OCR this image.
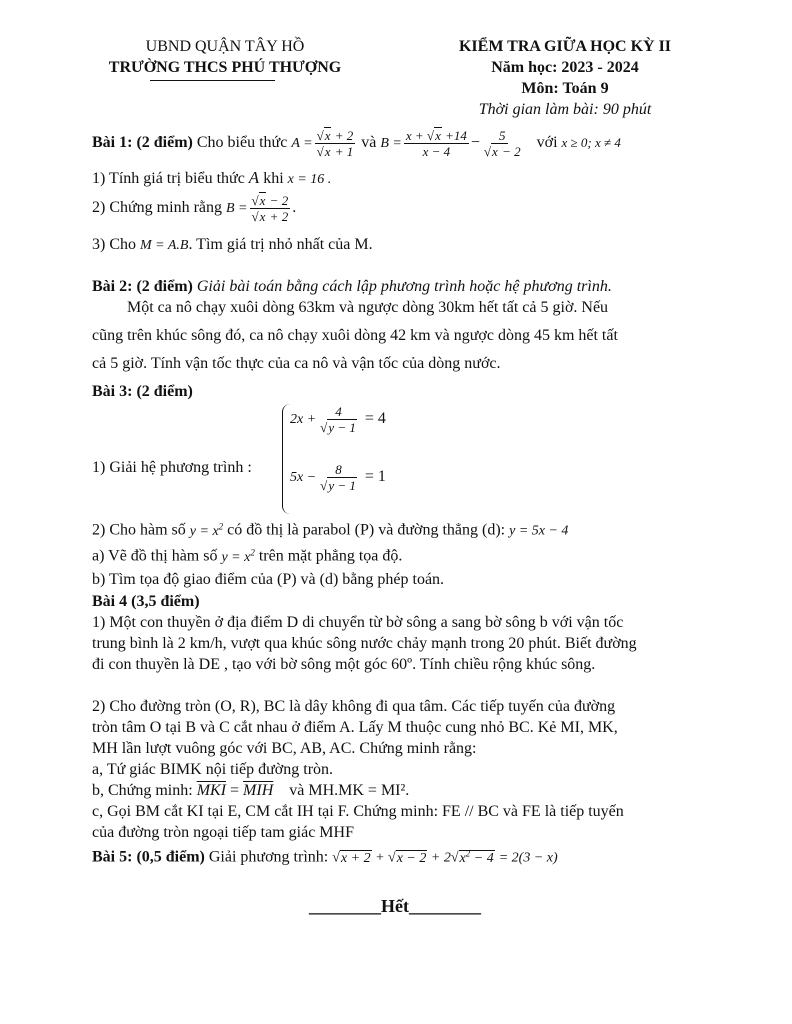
UBND QUẬN TÂY HỒ
TRƯỜNG THCS PHÚ THƯỢNG
KIỂM TRA GIỮA HỌC KỲ II
Năm học: 2023 - 2024
Môn: Toán 9
Thời gian làm bài: 90 phút
Bài 1: (2 điểm) Cho biểu thức $A = \frac{√x + 2}{√x + 1}$ và $B = \frac{x + √x +14}{x - 4} - \frac{5}{√x - 2}$ với x ≥ 0; x ≠ 4
1) Tính giá trị biểu thức A khi x = 16 .
2) Chứng minh rằng $B = \frac{√x - 2}{√x + 2}$ .
3) Cho M = A.B. Tìm giá trị nhỏ nhất của M.
Bài 2: (2 điểm) Giải bài toán bằng cách lập phương trình hoặc hệ phương trình.
Một ca nô chạy xuôi dòng 63km và ngược dòng 30km hết tất cả 5 giờ. Nếu
cũng trên khúc sông đó, ca nô chạy xuôi dòng 42 km và ngược dòng 45 km hết tất
cả 5 giờ. Tính vận tốc thực của ca nô và vận tốc của dòng nước.
Bài 3: (2 điểm)
1) Giải hệ phương trình :
$2x + \frac{4}{√y - 1} = 4$
$5x - \frac{8}{√y - 1} = 1$
2) Cho hàm số $y = x^2$ có đồ thị là parabol (P) và đường thẳng (d): y = 5x − 4
a) Vẽ đồ thị hàm số $y = x^2$ trên mặt phẳng tọa độ.
b) Tìm tọa độ giao điểm của (P) và (d) bằng phép toán.
Bài 4 (3,5 điểm)
1) Một con thuyền ở địa điểm D di chuyển từ bờ sông a sang bờ sông b với vận tốc
trung bình là 2 km/h, vượt qua khúc sông nước chảy mạnh trong 20 phút. Biết đường
đi con thuyền là DE , tạo với bờ sông một góc 60º. Tính chiều rộng khúc sông.
2) Cho đường tròn (O, R), BC là dây không đi qua tâm. Các tiếp tuyến của đường
tròn tâm O tại B và C cắt nhau ở điểm A. Lấy M thuộc cung nhỏ BC. Kẻ MI, MK,
MH lần lượt vuông góc với BC, AB, AC. Chứng minh rằng:
a, Tứ giác BIMK nội tiếp đường tròn.
b, Chứng minh: $\overline{MKI} = \overline{MIH}$ và MH.MK = MI².
c, Gọi BM cắt KI tại E, CM cắt IH tại F. Chứng minh: FE // BC và FE là tiếp tuyến
của đường tròn ngoại tiếp tam giác MHF
Bài 5: (0,5 điểm) Giải phương trình: $√x + 2 + √x - 2 + 2√x^2 - 4 = 2(3 - x)$
________Hết________
